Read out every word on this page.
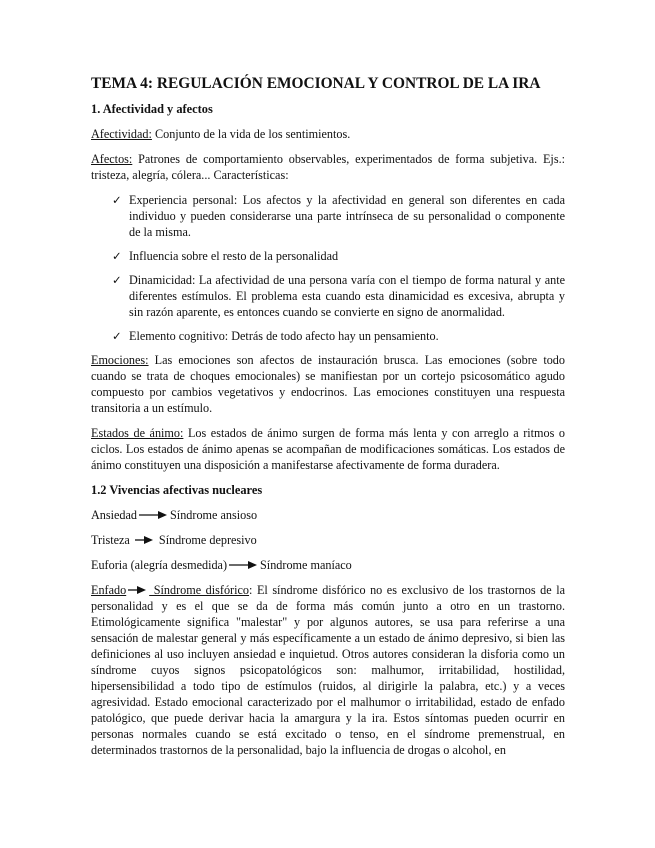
TEMA 4: REGULACIÓN EMOCIONAL Y CONTROL DE LA IRA
1. Afectividad y afectos

Afectividad: Conjunto de la vida de los sentimientos.

Afectos: Patrones de comportamiento observables, experimentados de forma subjetiva. Ejs.: tristeza, alegría, cólera... Características:

✓ Experiencia personal: Los afectos y la afectividad en general son diferentes en cada individuo y pueden considerarse una parte intrínseca de su personalidad o componente de la misma.
✓ Influencia sobre el resto de la personalidad
✓ Dinamicidad: La afectividad de una persona varía con el tiempo de forma natural y ante diferentes estímulos. El problema esta cuando esta dinamicidad es excesiva, abrupta y sin razón aparente, es entonces cuando se convierte en signo de anormalidad.
✓ Elemento cognitivo: Detrás de todo afecto hay un pensamiento.

Emociones: Las emociones son afectos de instauración brusca. Las emociones (sobre todo cuando se trata de choques emocionales) se manifiestan por un cortejo psicosomático agudo compuesto por cambios vegetativos y endocrinos. Las emociones constituyen una respuesta transitoria a un estímulo.

Estados de ánimo: Los estados de ánimo surgen de forma más lenta y con arreglo a ritmos o ciclos. Los estados de ánimo apenas se acompañan de modificaciones somáticas. Los estados de ánimo constituyen una disposición a manifestarse afectivamente de forma duradera.

1.2 Vivencias afectivas nucleares
Ansiedad	Síndrome ansioso
Tristeza  Síndrome depresivo
Euforia (alegría desmedida)	Síndrome maníaco

Enfado Síndrome disfórico: El síndrome disfórico no es exclusivo de los trastornos de la personalidad y es el que se da de forma más común junto a otro en un trastorno. Etimológicamente significa "malestar" y por algunos autores, se usa para referirse a una sensación de malestar general y más específicamente a un estado de ánimo depresivo, si bien las definiciones al uso incluyen ansiedad e inquietud. Otros autores consideran la disforia como un síndrome cuyos signos psicopatológicos son: malhumor, irritabilidad, hostilidad, hipersensibilidad a todo tipo de estímulos (ruidos, al dirigirle la palabra, etc.) y a veces agresividad. Estado emocional caracterizado por el malhumor o irritabilidad, estado de enfado patológico, que puede derivar hacia la amargura y la ira. Estos síntomas pueden ocurrir en personas normales cuando se está excitado o tenso, en el síndrome premenstrual, en determinados trastornos de la personalidad, bajo la influencia de drogas o alcohol, en
